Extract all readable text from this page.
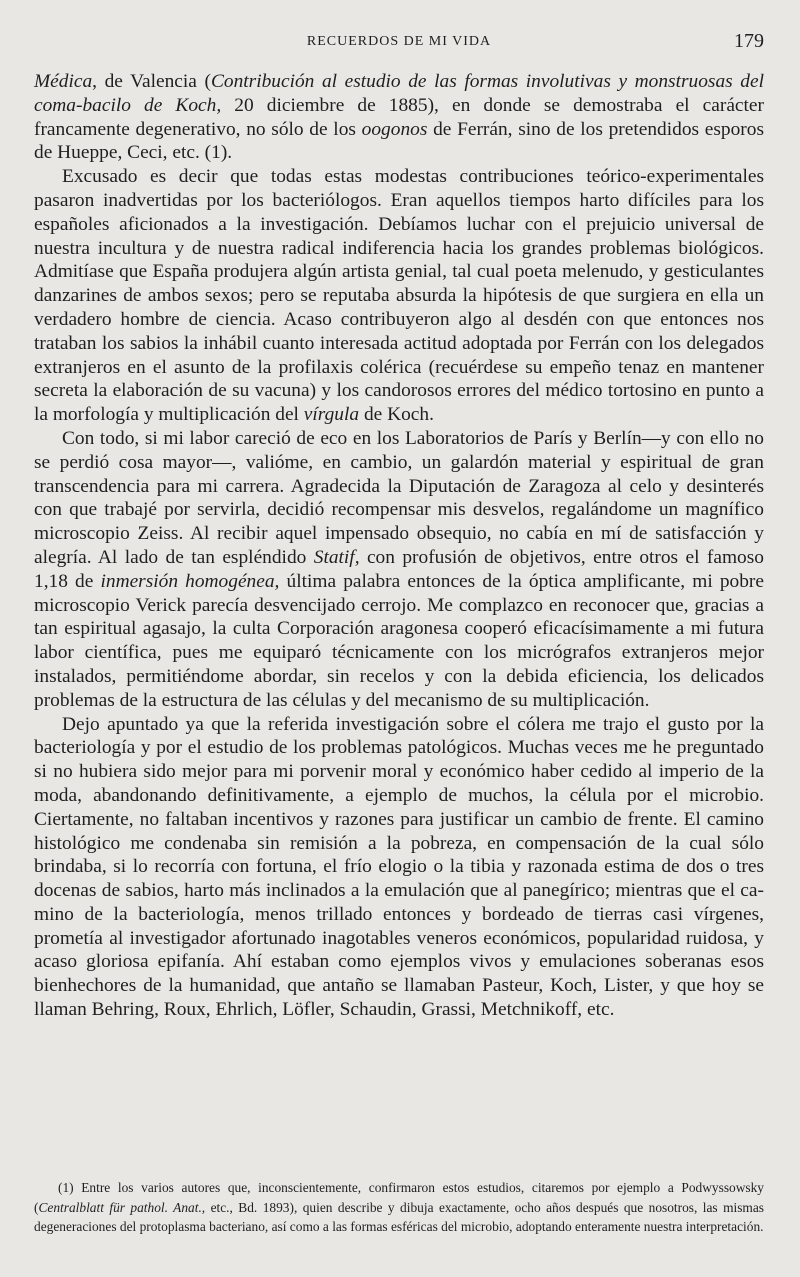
RECUERDOS DE MI VIDA	179

Médica, de Valencia (Contribución al estudio de las formas involutivas y monstruosas del coma-bacilo de Koch, 20 diciembre de 1885), en donde se demostraba el carácter francamente degenerativo, no sólo de los oogonos de Ferrán, sino de los pretendidos esporos de Hueppe, Ceci, etc. (1).

Excusado es decir que todas estas modestas contribuciones teórico-experimentales pasaron inadvertidas por los bacteriólogos. Eran aquellos tiempos harto difíciles para los españoles aficionados a la investigación. Debíamos luchar con el prejuicio universal de nuestra incultura y de nuestra radical indiferencia hacia los grandes problemas biológicos. Admitíase que España produjera algún artista genial, tal cual poeta melenudo, y gesticulantes danzarines de ambos sexos; pero se reputaba absurda la hipótesis de que surgiera en ella un verdadero hombre de ciencia. Acaso contribuyeron algo al desdén con que entonces nos trataban los sabios la inhábil cuanto interesada actitud adoptada por Ferrán con los delegados extranjeros en el asunto de la profilaxis colérica (recuérdese su empeño tenaz en mantener secreta la elaboración de su vacuna) y los candorosos errores del médico tortosino en punto a la morfología y multiplicación del vírgula de Koch.

Con todo, si mi labor careció de eco en los Laboratorios de París y Berlín—y con ello no se perdió cosa mayor—, valióme, en cambio, un galardón material y espiritual de gran transcendencia para mi carrera. Agradecida la Diputación de Zaragoza al celo y desinterés con que trabajé por servirla, decidió recompensar mis desvelos, regalándome un magnífico microscopio Zeiss. Al recibir aquel impensado obsequio, no cabía en mí de satisfacción y alegría. Al lado de tan espléndido Statif, con profusión de objetivos, entre otros el famoso 1,18 de inmersión homogénea, última palabra entonces de la óptica amplificante, mi pobre microscopio Verick parecía desvencijado cerrojo. Me complazco en reconocer que, gracias a tan espiritual agasajo, la culta Corporación aragonesa cooperó eficacísimamente a mi futura labor científica, pues me equiparó técnicamente con los micrógrafos extranjeros mejor instalados, permitiéndome abordar, sin recelos y con la debida eficiencia, los delicados problemas de la estructura de las células y del mecanismo de su multiplicación.

Dejo apuntado ya que la referida investigación sobre el cólera me trajo el gusto por la bacteriología y por el estudio de los problemas patológicos. Muchas veces me he preguntado si no hubiera sido mejor para mi porvenir moral y económico haber cedido al imperio de la moda, abandonando definitivamente, a ejemplo de muchos, la célula por el microbio. Ciertamente, no faltaban incentivos y razones para justificar un cambio de frente. El camino histológico me condenaba sin remisión a la pobreza, en compensación de la cual sólo brindaba, si lo recorría con fortuna, el frío elogio o la tibia y razonada estima de dos o tres docenas de sabios, harto más inclinados a la emulación que al panegírico; mientras que el camino de la bacteriología, menos trillado entonces y bordeado de tierras casi vírgenes, prometía al investigador afortunado inagotables veneros económicos, popularidad ruidosa, y acaso gloriosa epifanía. Ahí estaban como ejemplos vivos y emulaciones soberanas esos bienhechores de la humanidad, que antaño se llamaban Pasteur, Koch, Lister, y que hoy se llaman Behring, Roux, Ehrlich, Löfler, Schaudin, Grassi, Metchnikoff, etc.

(1) Entre los varios autores que, inconscientemente, confirmaron estos estudios, citaremos por ejemplo a Podwyssowsky (Centralblatt für pathol. Anat., etc., Bd. 1893), quien describe y dibuja exactamente, ocho años después que nosotros, las mismas degeneraciones del protoplasma bacteriano, así como a las formas esféricas del microbio, adoptando enteramente nuestra interpretación.
